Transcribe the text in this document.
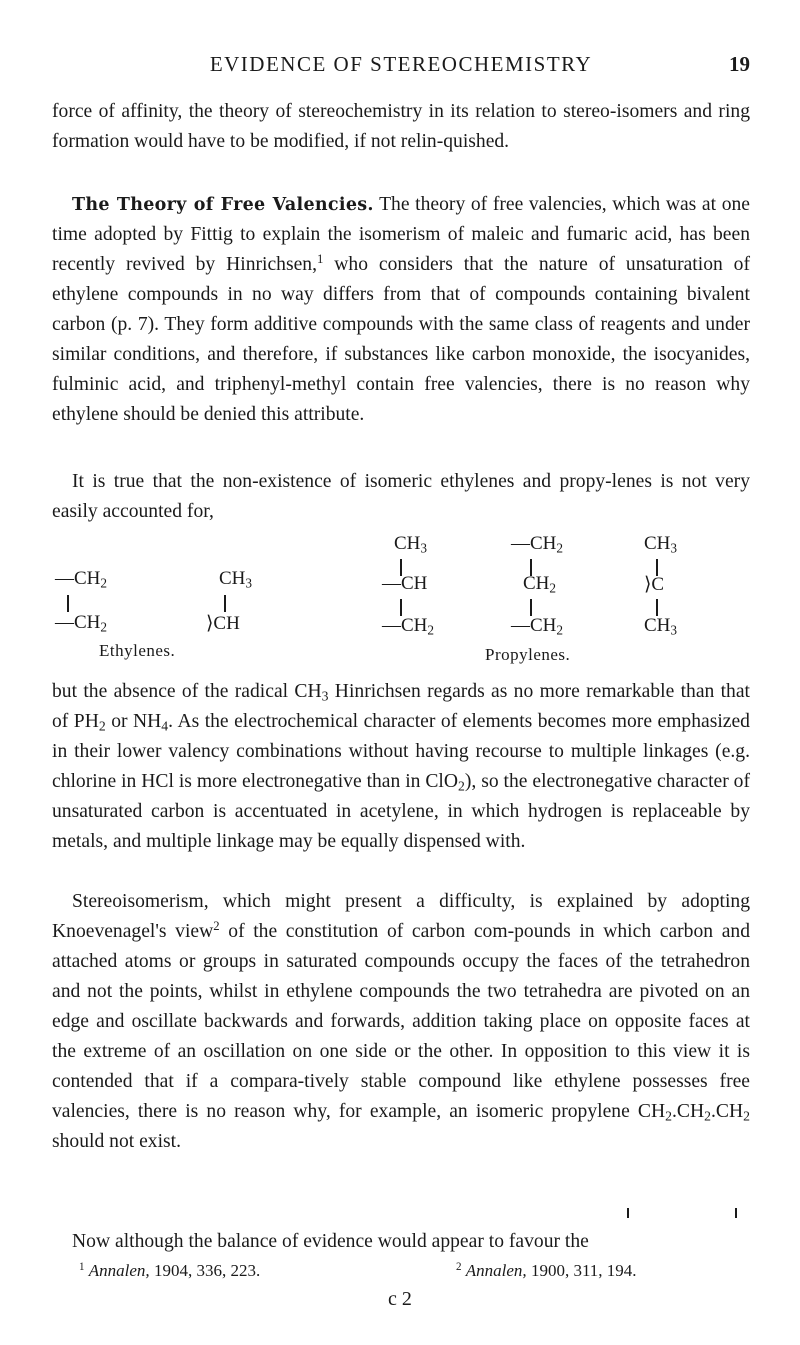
EVIDENCE OF STEREOCHEMISTRY	19

force of affinity, the theory of stereochemistry in its relation to stereo-isomers and ring formation would have to be modified, if not relin-quished.

The Theory of Free Valencies. The theory of free valencies, which was at one time adopted by Fittig to explain the isomerism of maleic and fumaric acid, has been recently revived by Hinrichsen,$^1$ who considers that the nature of unsaturation of ethylene compounds in no way differs from that of compounds containing bivalent carbon (p. 7). They form additive compounds with the same class of reagents and under similar conditions, and therefore, if substances like carbon monoxide, the isocyanides, fulminic acid, and triphenyl-methyl contain free valencies, there is no reason why ethylene should be denied this attribute.

It is true that the non-existence of isomeric ethylenes and propy-lenes is not very easily accounted for,

$—CH_2$
$—CH_2$
$CH_3$
⟩CH
Ethylenes.
$CH_3$
—CH
$—CH_2$
$—CH_2$
$CH_2$
$—CH_2$
$CH_3$
⟩C
$CH_3$
Propylenes.

but the absence of the radical $CH_3$ Hinrichsen regards as no more remarkable than that of $PH_2$ or $NH_4$. As the electrochemical character of elements becomes more emphasized in their lower valency combinations without having recourse to multiple linkages (e.g. chlorine in HCl is more electronegative than in ClO$_2$), so the electronegative character of unsaturated carbon is accentuated in acetylene, in which hydrogen is replaceable by metals, and multiple linkage may be equally dispensed with.

Stereoisomerism, which might present a difficulty, is explained by adopting Knoevenagel's view$^2$ of the constitution of carbon com-pounds in which carbon and attached atoms or groups in saturated compounds occupy the faces of the tetrahedron and not the points, whilst in ethylene compounds the two tetrahedra are pivoted on an edge and oscillate backwards and forwards, addition taking place on opposite faces at the extreme of an oscillation on one side or the other. In opposition to this view it is contended that if a compara-tively stable compound like ethylene possesses free valencies, there is no reason why, for example, an isomeric propylene $CH_2.CH_2.CH_2$ should not exist.

Now although the balance of evidence would appear to favour the

$^1$ Annalen, 1904, 336, 223.	$^2$ Annalen, 1900, 311, 194.
c 2
